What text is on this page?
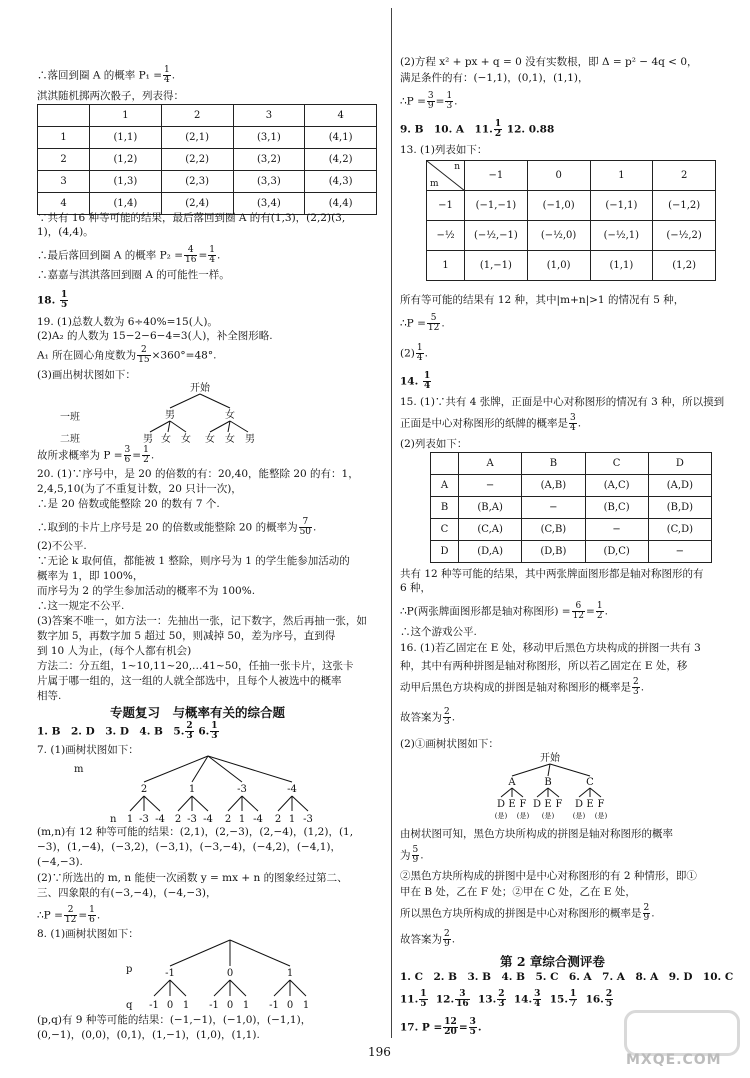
∴落回到圈 A 的概率 $P_1 = \frac{1}{4}$ .
淇淇随机掷两次骰子，列表得：
	1	2	3	4
1	(1,1)	(2,1)	(3,1)	(4,1)
2	(1,2)	(2,2)	(3,2)	(4,2)
3	(1,3)	(2,3)	(3,3)	(4,3)
4	(1,4)	(2,4)	(3,4)	(4,4)
∵共有 16 种等可能的结果，最后落回到圈 A 的有(1,3)，(2,2)(3,
1)，(4,4)。
∴最后落回到圈 A 的概率 $P_2 = \frac{4}{16} = \frac{1}{4}$ .
∴嘉嘉与淇淇落回到圈 A 的可能性一样。
18. $\frac{1}{5}$
19. (1)总数人数为 6÷40%=15(人)。
(2)A₂ 的人数为 15−2−6−4=3(人)，补全图形略.
A₁ 所在圆心角度数为 $\frac{2}{15} \times 360^\circ=48^\circ$.
(3)画出树状图如下：
开始
一班	男	女
二班	男 女 女 女 女 男
故所求概率为 $P = \frac{3}{6} = \frac{1}{2}$ .
20. (1)∵序号中，是 20 的倍数的有：20,40，能整除 20 的有：1，
2,4,5,10(为了不重复计数，20 只计一次)，
∴是 20 倍数或能整除 20 的数有 7 个.
∴取到的卡片上序号是 20 的倍数或能整除 20 的概率为 $\frac{7}{50}$ .
(2)不公平.
∵无论 k 取何值，都能被 1 整除，则序号为 1 的学生能参加活动的
概率为 1，即 100%，
而序号为 2 的学生参加活动的概率不为 100%.
∴这一规定不公平.
(3)答案不唯一，如方法一：先抽出一张，记下数字，然后再抽一张，如
数字加 5，再数字加 5 超过 50，则减掉 50，差为序号，直到得
到 10 人为止，(每个人都有机会)
方法二：分五组，1~10,11~20,…41~50，任抽一张卡片，这张卡
片属于哪一组的，这一组的人就全部选中，且每个人被选中的概率
相等.
专题复习　与概率有关的综合题
1. B　2. D　3. D　4. B　5. $\frac{2}{3} 6$. $\frac{1}{3}$
7. (1)画树状图如下：
m
2	1	-3	-4
n 1 -3 -4 2 -3 -4 2 1 -4 2 1 -3
(m,n)有 12 种等可能的结果：(2,1)，(2,−3)，(2,−4)，(1,2)，(1,
−3)，(1,−4)，(−3,2)，(−3,1)，(−3,−4)，(−4,2)，(−4,1)，
(−4,−3).
(2)∵所选出的 m, n 能使一次函数 y = mx + n 的图象经过第二、
三、四象限的有(−3,−4)，(−4,−3)，
∴P = $\frac{2}{12} = \frac{1}{6}$ .
8. (1)画树状图如下：
p	-1	0	1
q -1 0 1 -1 0 1 -1 0 1
(p,q)有 9 种等可能的结果：(−1,−1)，(−1,0)，(−1,1)，
(0,−1)，(0,0)，(0,1)，(1,−1)，(1,0)，(1,1).
(2)方程 x² + px + q = 0 没有实数根，即 Δ = p² − 4q < 0，
满足条件的有：(−1,1)，(0,1)，(1,1)，
∴P = $\frac{3}{9} = \frac{1}{3}$ .
9. B　10. A　11. $\frac{1}{2} 12$. 0.88
13. (1)列表如下：
n
m	−1	0	1	2
−1	(−1,−1)	(−1,0)	(−1,1)	(−1,2)
−½	(−½,−1)	(−½,0)	(−½,1)	(−½,2)
1	(1,−1)	(1,0)	(1,1)	(1,2)
所有等可能的结果有 12 种，其中|m+n|>1 的情况有 5 种，
∴P = $\frac{5}{12}$ .
$(2) \frac{1}{4}$ .
14. $\frac{1}{4}$
15. (1)∵共有 4 张牌，正面是中心对称图形的情况有 3 种，所以摸到
正面是中心对称图形的纸牌的概率是 $\frac{3}{4}$ .
(2)列表如下：
	A	B	C	D
A	−	(A,B)	(A,C)	(A,D)
B	(B,A)	−	(B,C)	(B,D)
C	(C,A)	(C,B)	−	(C,D)
D	(D,A)	(D,B)	(D,C)	−
共有 12 种等可能的结果，其中两张牌面图形都是轴对称图形的有
6 种，
∴P(两张牌面图形都是轴对称图形) = $\frac{6}{12} = \frac{1}{2}$ .
∴这个游戏公平.
16. (1)若乙固定在 E 处，移动甲后黑色方块构成的拼图一共有 3
种，其中有两种拼图是轴对称图形，所以若乙固定在 E 处，移
动甲后黑色方块构成的拼图是轴对称图形的概率是 $\frac{2}{3}$ .
故答案为 $\frac{2}{3}$ .
(2)①画树状图如下：
开始
A	B	C
D E F D E F D E F
(是) (是) (是)	(是) (是)
由树状图可知，黑色方块所构成的拼图是轴对称图形的概率
为 $\frac{5}{9}$ .
②黑色方块所构成的拼图中是中心对称图形的有 2 种情形，即①
甲在 B 处，乙在 F 处；②甲在 C 处，乙在 E 处，
所以黑色方块所构成的拼图是中心对称图形的概率是 $\frac{2}{9}$ .
故答案为 $\frac{2}{9}$ .
第 2 章综合测评卷
1. C　2. B　3. B　4. B　5. C　6. A　7. A　8. A　9. D　10. C
11. $\frac{1}{5} 12$. $\frac{3}{16} 13$. $\frac{2}{3} 14$. $\frac{3}{4} 15$. $\frac{1}{7} 16$. $\frac{2}{5}$
17. $P = \frac{12}{20} = \frac{3}{5}$ .
196	MXQE.COM
